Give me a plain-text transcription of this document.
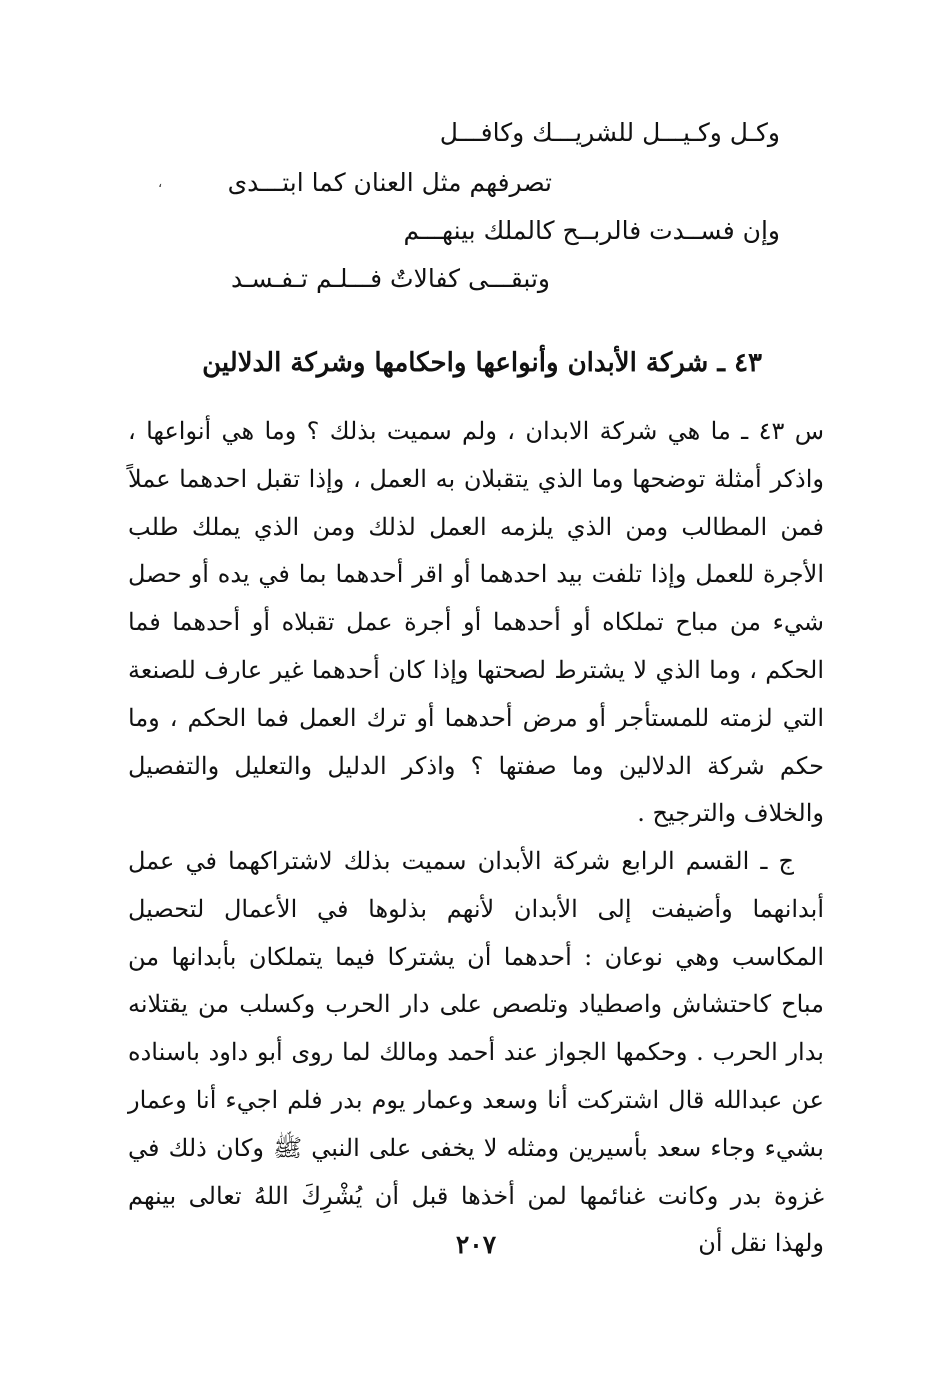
وكـل وكـيـــل للشريـــك وكافـــل
تصرفهم مثل العنان كما ابتـــدى
،
وإن فســدت فالربــح كالملك بينهـــم
وتبقـــى كفالاتٌ فـــلـم تـفـسـد
٤٣ ـ شركة الأبدان وأنواعها واحكامها وشركة الدلالين

س ٤٣ ـ ما هي شركة الابدان ، ولم سميت بذلك ؟ وما هي أنواعها ، واذكر أمثلة توضحها وما الذي يتقبلان به العمل ، وإذا تقبل احدهما عملاً فمن المطالب ومن الذي يلزمه العمل لذلك ومن الذي يملك طلب الأجرة للعمل وإذا تلفت بيد احدهما أو اقر أحدهما بما في يده أو حصل شيء من مباح تملكاه أو أحدهما أو أجرة عمل تقبلاه أو أحدهما فما الحكم ، وما الذي لا يشترط لصحتها وإذا كان أحدهما غير عارف للصنعة التي لزمته للمستأجر أو مرض أحدهما أو ترك العمل فما الحكم ، وما حكم شركة الدلالين وما صفتها ؟ واذكر الدليل والتعليل والتفصيل والخلاف والترجيح .

ج ـ القسم الرابع شركة الأبدان سميت بذلك لاشتراكهما في عمل أبدانهما وأضيفت إلى الأبدان لأنهم بذلوها في الأعمال لتحصيل المكاسب وهي نوعان : أحدهما أن يشتركا فيما يتملكان بأبدانها من مباح كاحتشاش واصطياد وتلصص على دار الحرب وكسلب من يقتلانه بدار الحرب . وحكمها الجواز عند أحمد ومالك لما روى أبو داود باسناده عن عبدالله قال اشتركت أنا وسعد وعمار يوم بدر فلم اجيء أنا وعمار بشيء وجاء سعد بأسيرين ومثله لا يخفى على النبي ﷺ وكان ذلك في غزوة بدر وكانت غنائمها لمن أخذها قبل أن يُشْرِكَ اللهُ تعالى بينهم ولهذا نقل أن

٢٠٧
